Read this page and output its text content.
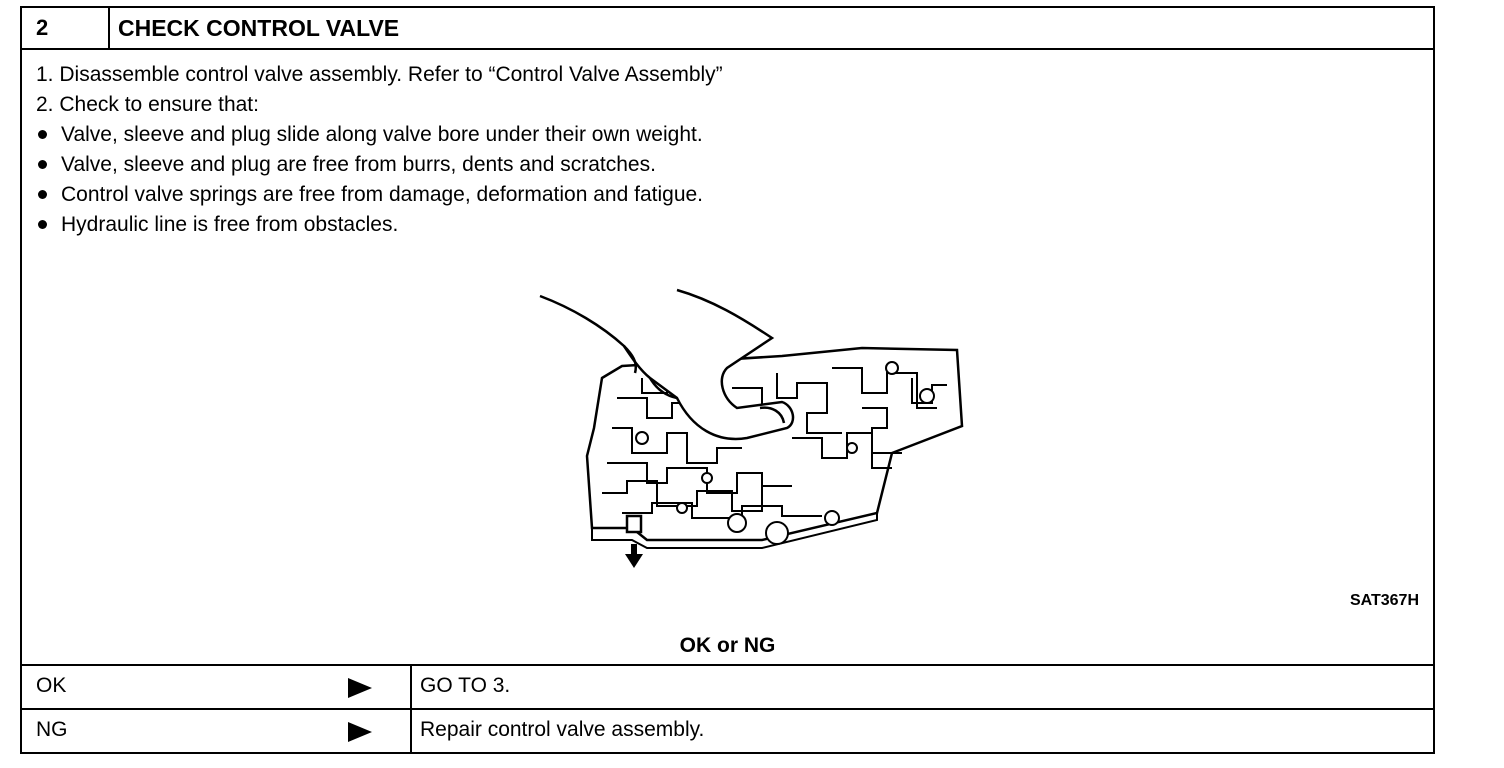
2	CHECK CONTROL VALVE
1. Disassemble control valve assembly. Refer to “Control Valve Assembly”
2. Check to ensure that:
Valve, sleeve and plug slide along valve bore under their own weight.
Valve, sleeve and plug are free from burrs, dents and scratches.
Control valve springs are free from damage, deformation and fatigue.
Hydraulic line is free from obstacles.
SAT367H
OK or NG
OK	GO TO 3.
NG	Repair control valve assembly.
